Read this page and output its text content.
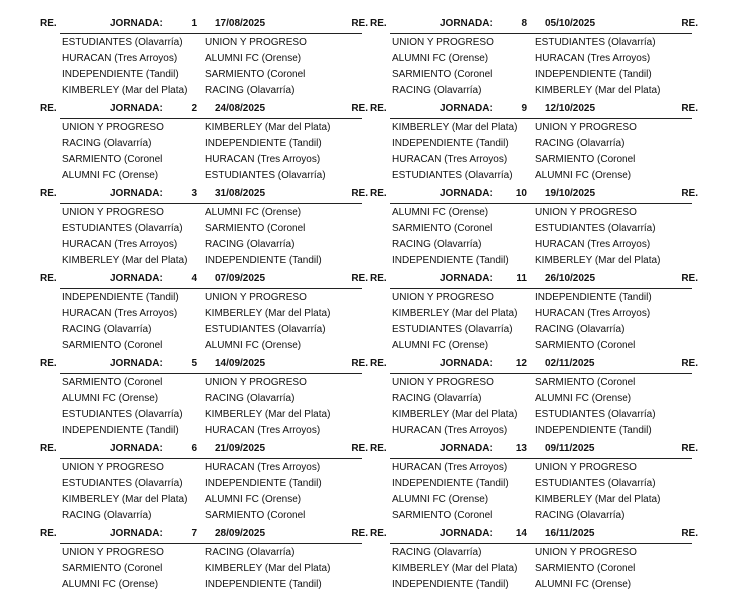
RE.	JORNADA:	1 17/08/2025	RE.
ESTUDIANTES (Olavarría) UNION Y PROGRESO
HURACAN (Tres Arroyos)	ALUMNI FC (Orense)
INDEPENDIENTE (Tandil)	SARMIENTO (Coronel
KIMBERLEY (Mar del Plata) RACING (Olavarría)
RE.	JORNADA:	2 24/08/2025	RE.
UNION Y PROGRESO	KIMBERLEY (Mar del Plata)
RACING (Olavarría)	INDEPENDIENTE (Tandil)
SARMIENTO (Coronel	HURACAN (Tres Arroyos)
ALUMNI FC (Orense)	ESTUDIANTES (Olavarría)
RE.	JORNADA:	3 31/08/2025	RE.
UNION Y PROGRESO	ALUMNI FC (Orense)
ESTUDIANTES (Olavarría) SARMIENTO (Coronel
HURACAN (Tres Arroyos)	RACING (Olavarría)
KIMBERLEY (Mar del Plata) INDEPENDIENTE (Tandil)
RE.	JORNADA:	4 07/09/2025	RE.
INDEPENDIENTE (Tandil)	UNION Y PROGRESO
HURACAN (Tres Arroyos)	KIMBERLEY (Mar del Plata)
RACING (Olavarría)	ESTUDIANTES (Olavarría)
SARMIENTO (Coronel	ALUMNI FC (Orense)
RE.	JORNADA:	5 14/09/2025	RE.
SARMIENTO (Coronel	UNION Y PROGRESO
ALUMNI FC (Orense)	RACING (Olavarría)
ESTUDIANTES (Olavarría) KIMBERLEY (Mar del Plata)
INDEPENDIENTE (Tandil)	HURACAN (Tres Arroyos)
RE.	JORNADA:	6 21/09/2025	RE.
UNION Y PROGRESO	HURACAN (Tres Arroyos)
ESTUDIANTES (Olavarría) INDEPENDIENTE (Tandil)
KIMBERLEY (Mar del Plata) ALUMNI FC (Orense)
RACING (Olavarría)	SARMIENTO (Coronel
RE.	JORNADA:	7 28/09/2025	RE.
UNION Y PROGRESO	RACING (Olavarría)
SARMIENTO (Coronel	KIMBERLEY (Mar del Plata)
ALUMNI FC (Orense)	INDEPENDIENTE (Tandil)
RE.	JORNADA:	8 05/10/2025	RE.
UNION Y PROGRESO	ESTUDIANTES (Olavarría)
ALUMNI FC (Orense)	HURACAN (Tres Arroyos)
SARMIENTO (Coronel	INDEPENDIENTE (Tandil)
RACING (Olavarría)	KIMBERLEY (Mar del Plata)
RE.	JORNADA:	9 12/10/2025	RE.
KIMBERLEY (Mar del Plata) UNION Y PROGRESO
INDEPENDIENTE (Tandil)	RACING (Olavarría)
HURACAN (Tres Arroyos)	SARMIENTO (Coronel
ESTUDIANTES (Olavarría) ALUMNI FC (Orense)
RE.	JORNADA: 10 19/10/2025	RE.
ALUMNI FC (Orense)	UNION Y PROGRESO
SARMIENTO (Coronel	ESTUDIANTES (Olavarría)
RACING (Olavarría)	HURACAN (Tres Arroyos)
INDEPENDIENTE (Tandil)	KIMBERLEY (Mar del Plata)
RE.	JORNADA: 11 26/10/2025	RE.
UNION Y PROGRESO	INDEPENDIENTE (Tandil)
KIMBERLEY (Mar del Plata) HURACAN (Tres Arroyos)
ESTUDIANTES (Olavarría) RACING (Olavarría)
ALUMNI FC (Orense)	SARMIENTO (Coronel
RE.	JORNADA: 12 02/11/2025	RE.
UNION Y PROGRESO	SARMIENTO (Coronel
RACING (Olavarría)	ALUMNI FC (Orense)
KIMBERLEY (Mar del Plata) ESTUDIANTES (Olavarría)
HURACAN (Tres Arroyos)	INDEPENDIENTE (Tandil)
RE.	JORNADA: 13 09/11/2025	RE.
HURACAN (Tres Arroyos)	UNION Y PROGRESO
INDEPENDIENTE (Tandil)	ESTUDIANTES (Olavarría)
ALUMNI FC (Orense)	KIMBERLEY (Mar del Plata)
SARMIENTO (Coronel	RACING (Olavarría)
RE.	JORNADA: 14 16/11/2025	RE.
RACING (Olavarría)	UNION Y PROGRESO
KIMBERLEY (Mar del Plata) SARMIENTO (Coronel
INDEPENDIENTE (Tandil)	ALUMNI FC (Orense)
